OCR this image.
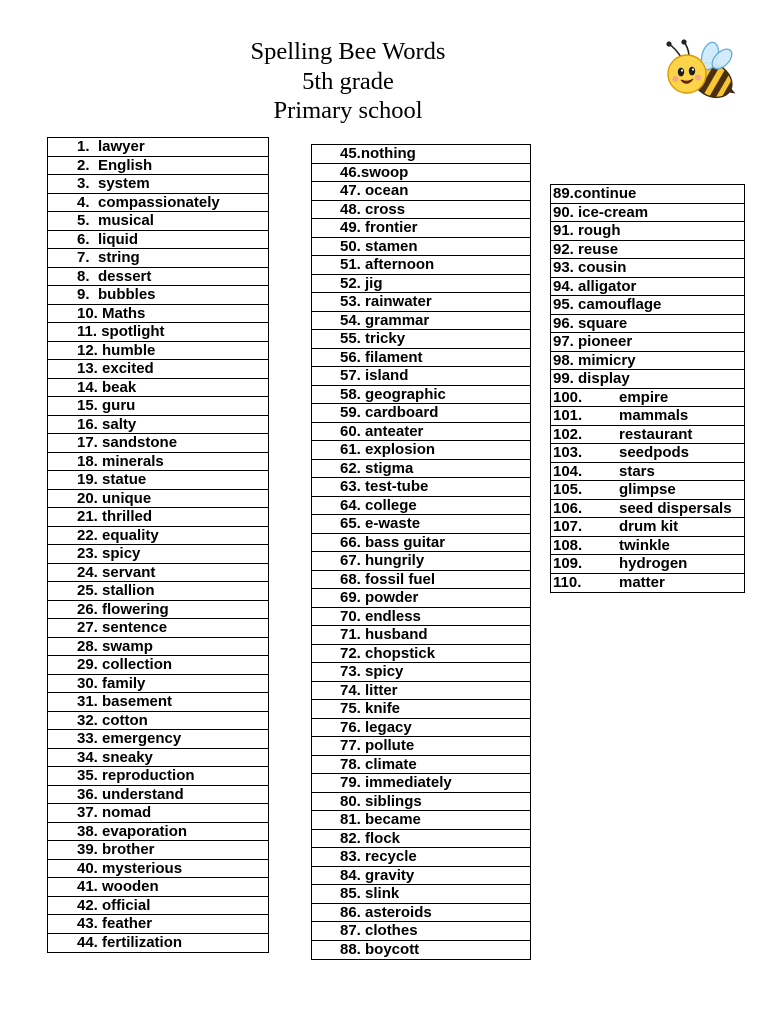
Spelling Bee Words
5th grade
Primary school
1.	lawyer
2.	English
3.	system
4.	compassionately
5.	musical
6.	liquid
7.	string
8.	dessert
9.	bubbles
10. Maths
11. spotlight
12. humble
13. excited
14. beak
15. guru
16. salty
17. sandstone
18. minerals
19. statue
20. unique
21. thrilled
22. equality
23. spicy
24. servant
25. stallion
26. flowering
27. sentence
28. swamp
29. collection
30. family
31. basement
32. cotton
33. emergency
34. sneaky
35. reproduction
36. understand
37. nomad
38. evaporation
39. brother
40. mysterious
41. wooden
42. official
43. feather
44. fertilization
45.nothing
46.swoop
47. ocean
48. cross
49. frontier
50. stamen
51. afternoon
52. jig
53. rainwater
54. grammar
55. tricky
56. filament
57. island
58. geographic
59. cardboard
60. anteater
61. explosion
62. stigma
63. test-tube
64. college
65. e-waste
66. bass guitar
67. hungrily
68. fossil fuel
69. powder
70. endless
71. husband
72. chopstick
73. spicy
74. litter
75. knife
76. legacy
77. pollute
78. climate
79. immediately
80. siblings
81. became
82. flock
83. recycle
84. gravity
85. slink
86. asteroids
87. clothes
88. boycott
89.continue
90. ice-cream
91. rough
92. reuse
93. cousin
94. alligator
95. camouflage
96. square
97. pioneer
98. mimicry
99. display
100.	empire
101.	mammals
102.	restaurant
103.	seedpods
104.	stars
105.	glimpse
106.	seed dispersals
107.	drum kit
108.	twinkle
109.	hydrogen
110.	matter
